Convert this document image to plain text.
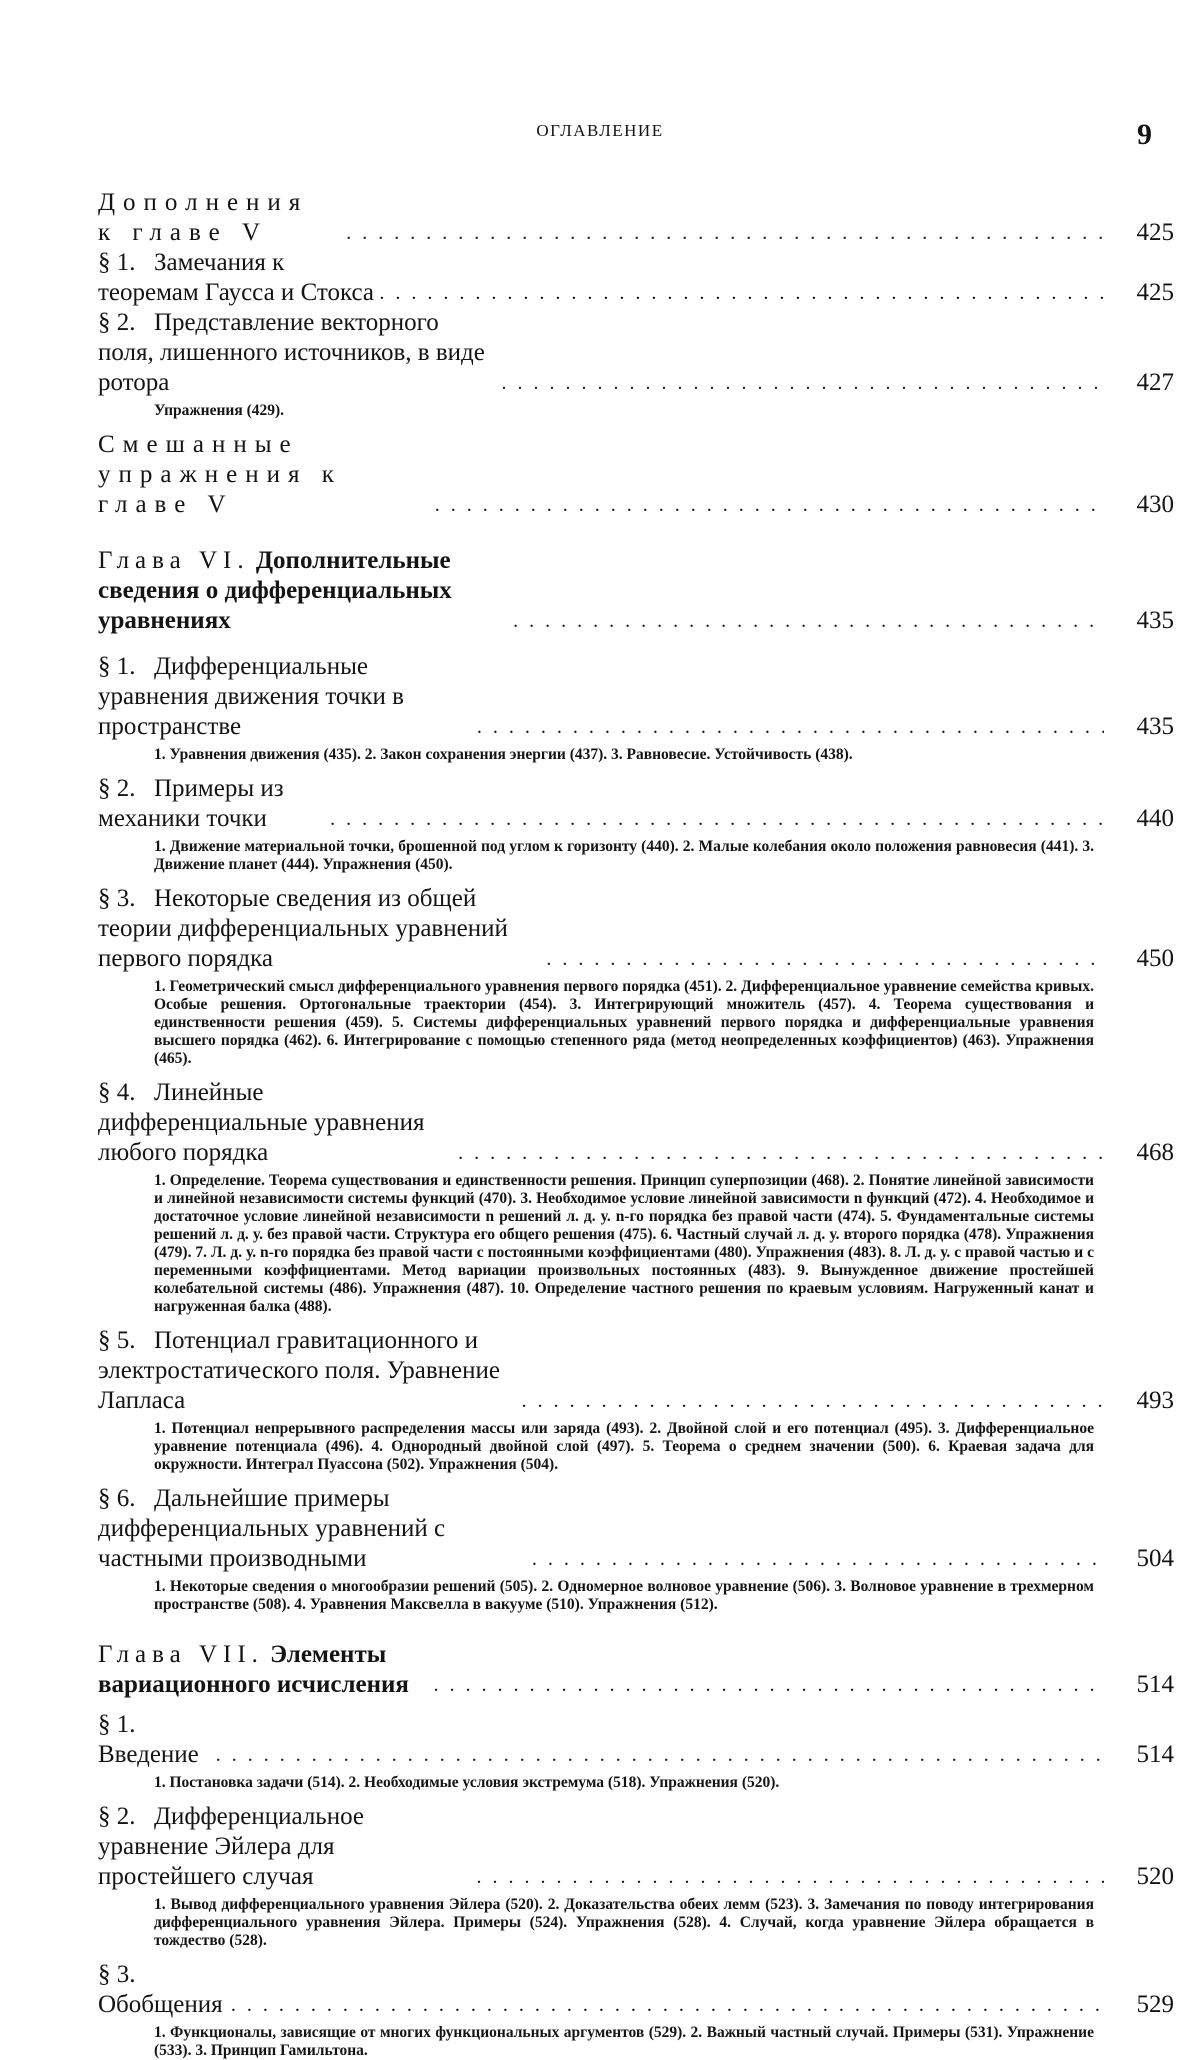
ОГЛАВЛЕНИЕ	9
Дополнения к главе V . . .	425
§ 1. Замечания к теоремам Гаусса и Стокса . . .	425
§ 2. Представление векторного поля, лишенного источников, в виде ротора . . .	427
Упражнения (429).
Смешанные упражнения к главе V . . .	430
Глава VI. Дополнительные сведения о дифференциальных уравнениях . . .	435
§ 1. Дифференциальные уравнения движения точки в пространстве . . .	435
1. Уравнения движения (435). 2. Закон сохранения энергии (437). 3. Равновесие. Устойчивость (438).
§ 2. Примеры из механики точки . . .	440
1. Движение материальной точки, брошенной под углом к горизонту (440). 2. Малые колебания около положения равновесия (441). 3. Движение планет (444). Упражнения (450).
§ 3. Некоторые сведения из общей теории дифференциальных уравнений первого порядка . . .	450
1. Геометрический смысл дифференциального уравнения первого порядка (451). 2. Дифференциальное уравнение семейства кривых. Особые решения. Ортогональные траектории (454). 3. Интегрирующий множитель (457). 4. Теорема существования и единственности решения (459). 5. Системы дифференциальных уравнений первого порядка и дифференциальные уравнения высшего порядка (462). 6. Интегрирование с помощью степенного ряда (метод неопределенных коэффициентов) (463). Упражнения (465).
§ 4. Линейные дифференциальные уравнения любого порядка . . .	468
1. Определение. Теорема существования и единственности решения. Принцип суперпозиции (468). 2. Понятие линейной зависимости и линейной независимости системы функций (470). 3. Необходимое условие линейной зависимости n функций (472). 4. Необходимое и достаточное условие линейной независимости n решений л. д. у. n-го порядка без правой части (474). 5. Фундаментальные системы решений л. д. у. без правой части. Структура его общего решения (475). 6. Частный случай л. д. у. второго порядка (478). Упражнения (479). 7. Л. д. у. n-го порядка без правой части с постоянными коэффициентами (480). Упражнения (483). 8. Л. д. у. с правой частью и с переменными коэффициентами. Метод вариации произвольных постоянных (483). 9. Вынужденное движение простейшей колебательной системы (486). Упражнения (487). 10. Определение частного решения по краевым условиям. Нагруженный канат и нагруженная балка (488).
§ 5. Потенциал гравитационного и электростатического поля. Уравнение Лапласа . . .	493
1. Потенциал непрерывного распределения массы или заряда (493). 2. Двойной слой и его потенциал (495). 3. Дифференциальное уравнение потенциала (496). 4. Однородный двойной слой (497). 5. Теорема о среднем значении (500). 6. Краевая задача для окружности. Интеграл Пуассона (502). Упражнения (504).
§ 6. Дальнейшие примеры дифференциальных уравнений с частными производными . . .	504
1. Некоторые сведения о многообразии решений (505). 2. Одномерное волновое уравнение (506). 3. Волновое уравнение в трехмерном пространстве (508). 4. Уравнения Максвелла в вакууме (510). Упражнения (512).
Глава VII. Элементы вариационного исчисления . . .	514
§ 1.Введение . . .	514
1. Постановка задачи (514). 2. Необходимые условия экстремума (518). Упражнения (520).
§ 2. Дифференциальное уравнение Эйлера для простейшего случая . . .	520
1. Вывод дифференциального уравнения Эйлера (520). 2. Доказательства обеих лемм (523). 3. Замечания по поводу интегрирования дифференциального уравнения Эйлера. Примеры (524). Упражнения (528). 4. Случай, когда уравнение Эйлера обращается в тождество (528).
§ 3.Обобщения . . .	529
1. Функционалы, зависящие от многих функциональных аргументов (529). 2. Важный частный случай. Примеры (531). Упражнение (533). 3. Принцип Гамильтона.
